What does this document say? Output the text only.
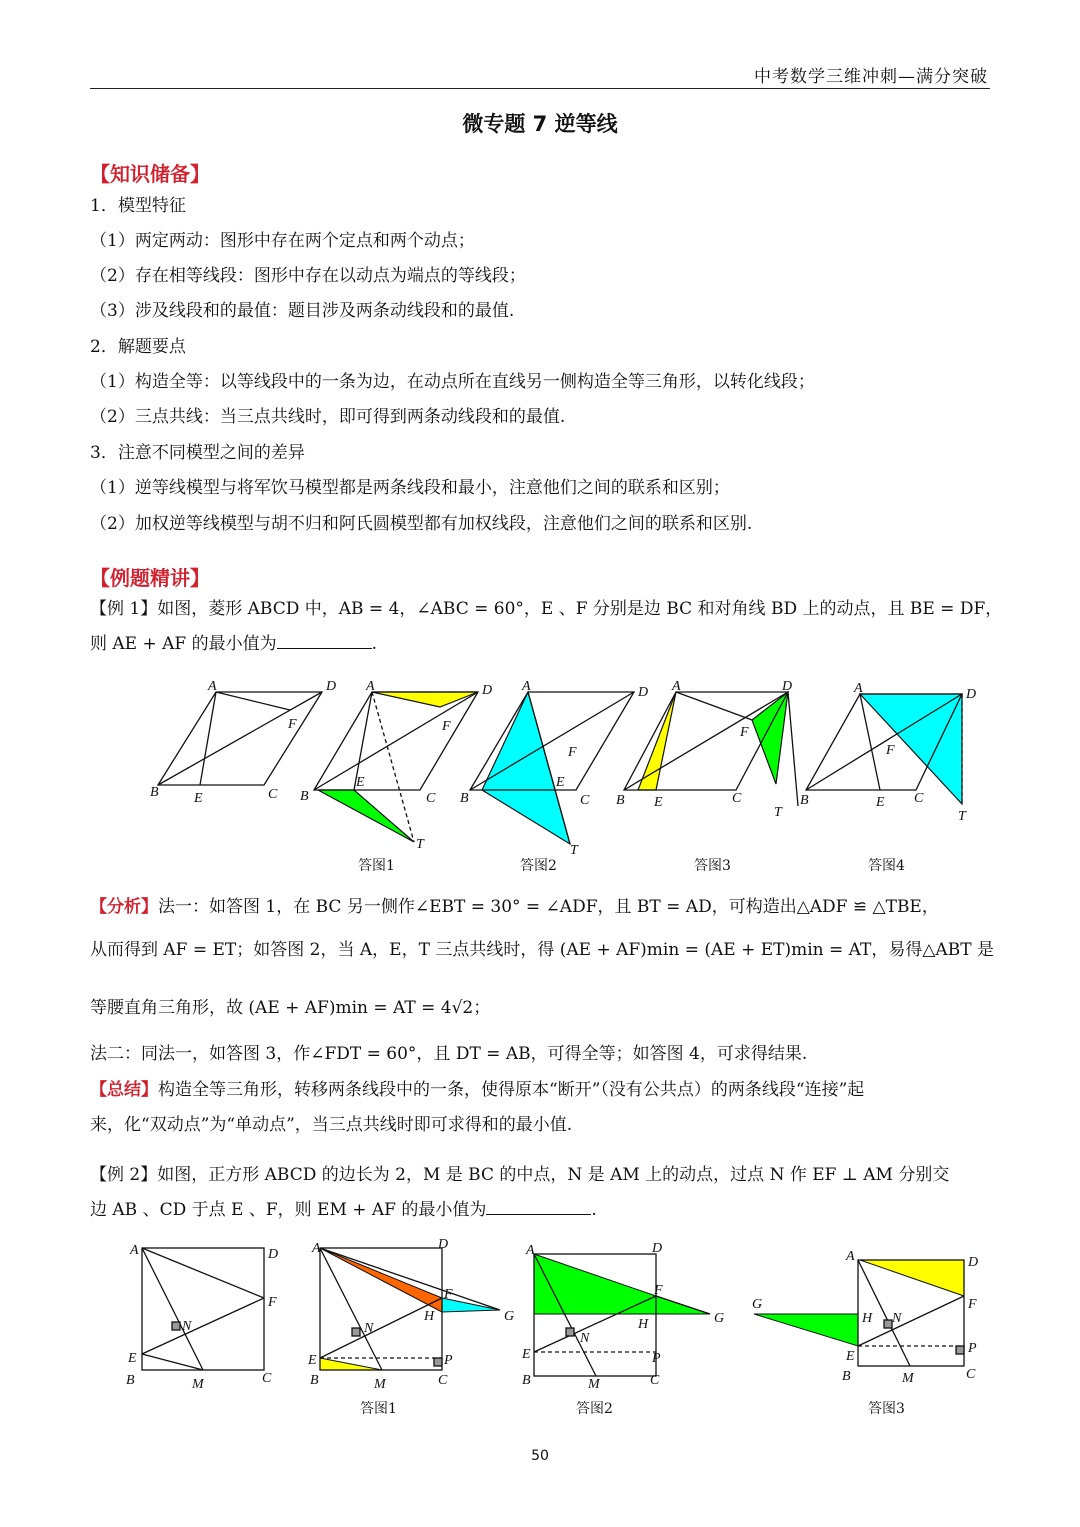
中考数学三维冲刺—满分突破
微专题 7 逆等线
【知识储备】
1．模型特征
（1）两定两动：图形中存在两个定点和两个动点；
（2）存在相等线段：图形中存在以动点为端点的等线段；
（3）涉及线段和的最值：题目涉及两条动线段和的最值.
2．解题要点
（1）构造全等：以等线段中的一条为边，在动点所在直线另一侧构造全等三角形，以转化线段；
（2）三点共线：当三点共线时，即可得到两条动线段和的最值.
3．注意不同模型之间的差异
（1）逆等线模型与将军饮马模型都是两条线段和最小，注意他们之间的联系和区别；
（2）加权逆等线模型与胡不归和阿氏圆模型都有加权线段，注意他们之间的联系和区别.
【例题精讲】
【例 1】如图，菱形 ABCD 中，AB = 4，∠ABC = 60°，E 、F 分别是边 BC 和对角线 BD 上的动点，且 BE = DF，
则 AE + AF 的最小值为	.
A	D
F
B	E	C
A	D
F
B
E
C
T
A	D
F
B
E
C
T
A	D
F
B E	C
T
A	D
F
B	E C
T
答图1	答图2	答图3	答图4
【分析】法一：如答图 1，在 BC 另一侧作∠EBT = 30° = ∠ADF，且 BT = AD，可构造出△ADF ≌ △TBE，
从而得到 AF = ET；如答图 2，当 A，E，T 三点共线时，得 (AE + AF)min = (AE + ET)min = AT，易得△ABT 是
等腰直角三角形，故 (AE + AF)min = AT = 4√2；
法二：同法一，如答图 3，作∠FDT = 60°，且 DT = AB，可得全等；如答图 4，可求得结果.
【总结】构造全等三角形，转移两条线段中的一条，使得原本“断开”（没有公共点）的两条线段“连接”起
来，化“双动点”为“单动点”，当三点共线时即可求得和的最小值.
【例 2】如图，正方形 ABCD 的边长为 2，M 是 BC 的中点，N 是 AM 上的动点，过点 N 作 EF ⊥ AM 分别交
边 AB 、CD 于点 E 、F，则 EM + AF 的最小值为	.
A	D
F
N
E
B	M	C
A	D
F
H	G
N
E	P
B	M	C
A	D
F
H	G
N
E	P
B	M	C
A	D
F
G
H N
E
P
B	M	C
答图1	答图2	答图3
50
